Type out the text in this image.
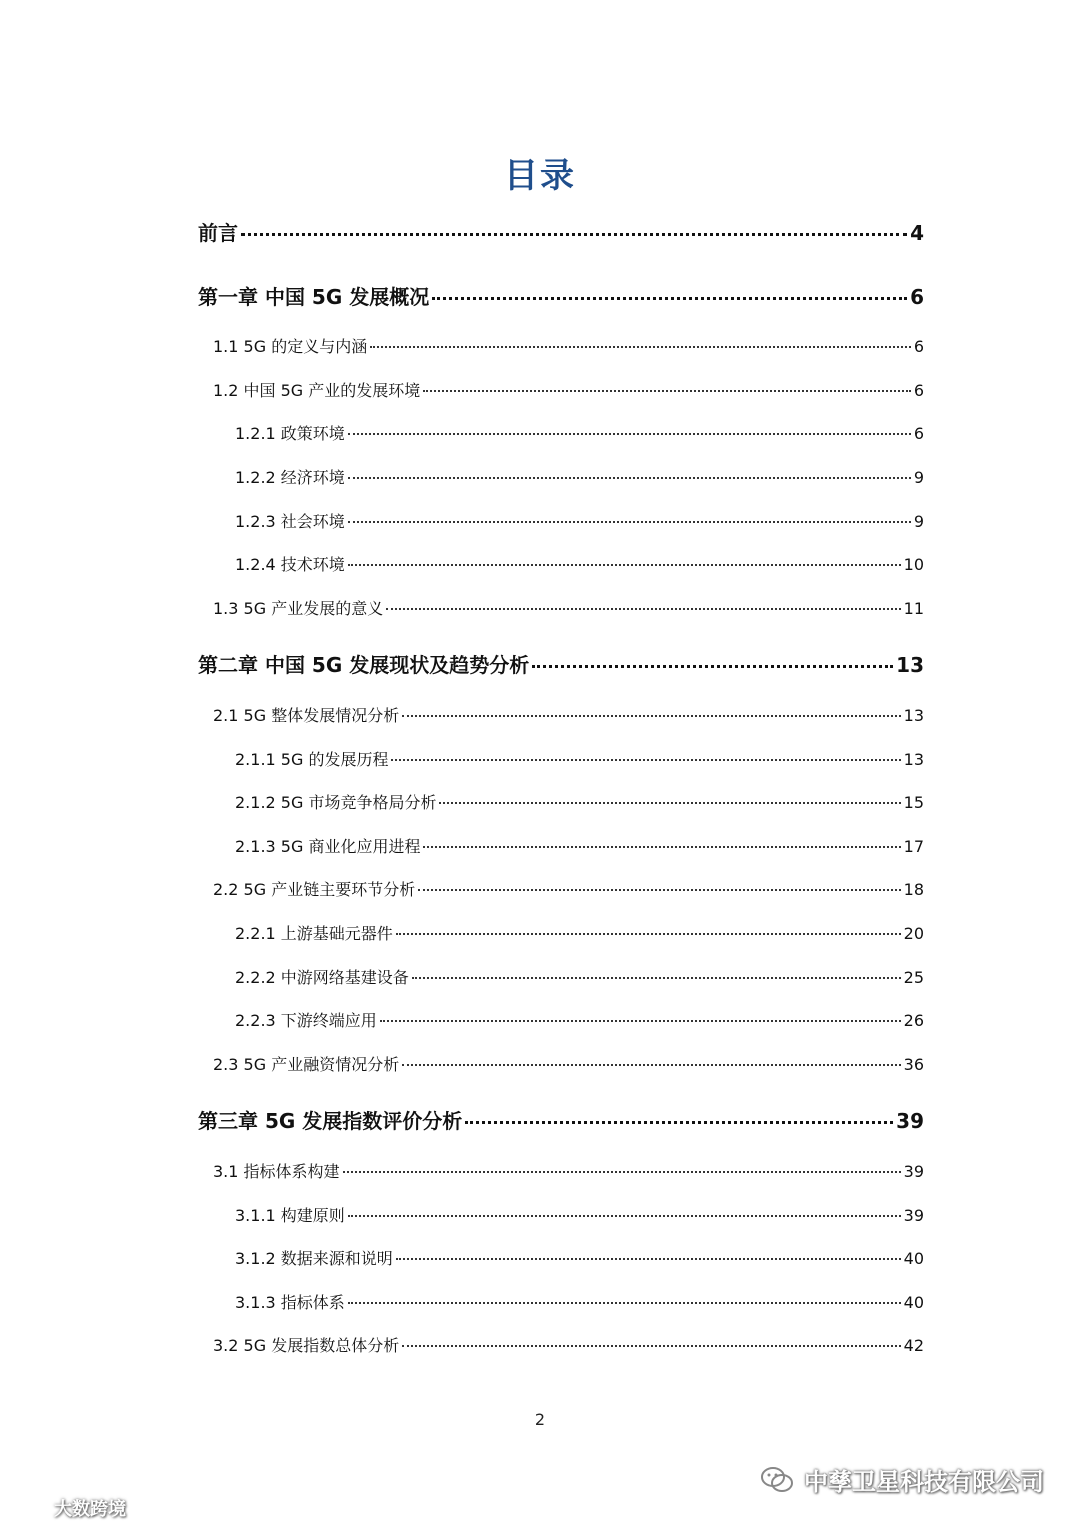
目录
前言	4
第一章 中国 5G 发展概况	6
1.1 5G 的定义与内涵	6
1.2 中国 5G 产业的发展环境	6
1.2.1 政策环境	6
1.2.2 经济环境	9
1.2.3 社会环境	9
1.2.4 技术环境	10
1.3 5G 产业发展的意义	11
第二章 中国 5G 发展现状及趋势分析	13
2.1 5G 整体发展情况分析	13
2.1.1 5G 的发展历程	13
2.1.2 5G 市场竞争格局分析	15
2.1.3 5G 商业化应用进程	17
2.2 5G 产业链主要环节分析	18
2.2.1 上游基础元器件	20
2.2.2 中游网络基建设备	25
2.2.3 下游终端应用	26
2.3 5G 产业融资情况分析	36
第三章 5G 发展指数评价分析	39
3.1 指标体系构建	39
3.1.1 构建原则	39
3.1.2 数据来源和说明	40
3.1.3 指标体系	40
3.2 5G 发展指数总体分析	42
2
中孳卫星科技有限公司
大数跨境
